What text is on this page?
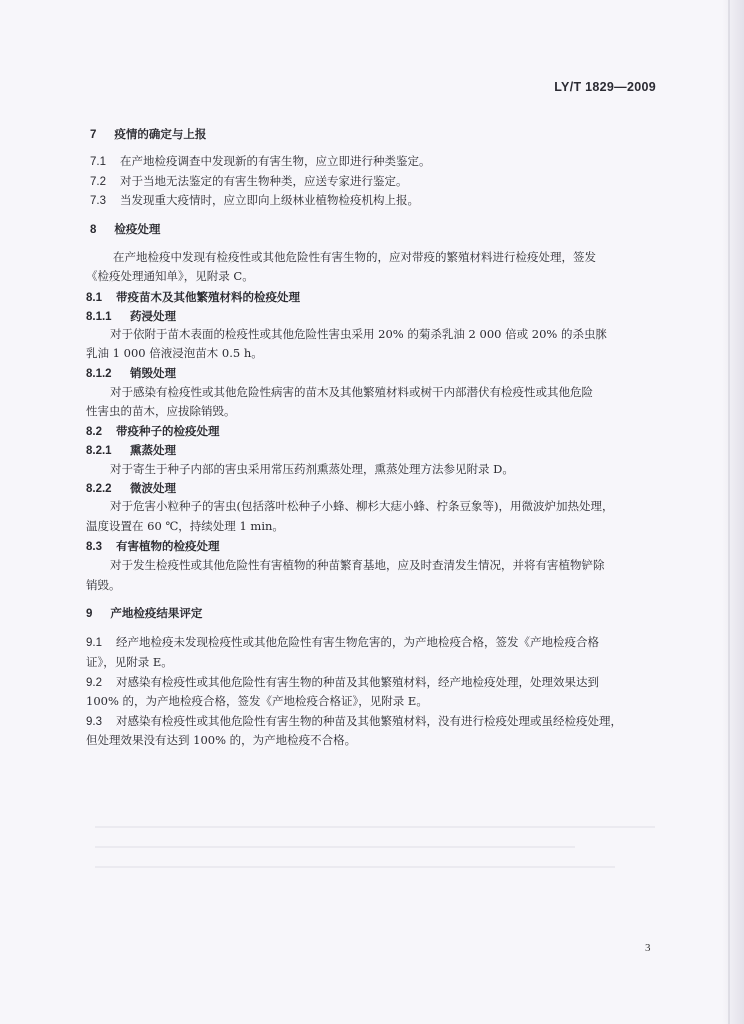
LY/T 1829—2009
7 疫情的确定与上报
7.1 在产地检疫调查中发现新的有害生物，应立即进行种类鉴定。
7.2 对于当地无法鉴定的有害生物种类，应送专家进行鉴定。
7.3 当发现重大疫情时，应立即向上级林业植物检疫机构上报。
8 检疫处理
在产地检疫中发现有检疫性或其他危险性有害生物的，应对带疫的繁殖材料进行检疫处理，签发
《检疫处理通知单》，见附录 C。
8.1 带疫苗木及其他繁殖材料的检疫处理
8.1.1 药浸处理
对于依附于苗木表面的检疫性或其他危险性害虫采用 20% 的菊杀乳油 2 000 倍或 20% 的杀虫脒
乳油 1 000 倍液浸泡苗木 0.5 h。
8.1.2 销毁处理
对于感染有检疫性或其他危险性病害的苗木及其他繁殖材料或树干内部潜伏有检疫性或其他危险
性害虫的苗木，应拔除销毁。
8.2 带疫种子的检疫处理
8.2.1 熏蒸处理
对于寄生于种子内部的害虫采用常压药剂熏蒸处理，熏蒸处理方法参见附录 D。
8.2.2 微波处理
对于危害小粒种子的害虫(包括落叶松种子小蜂、柳杉大痣小蜂、柠条豆象等)，用微波炉加热处理，
温度设置在 60 ℃，持续处理 1 min。
8.3 有害植物的检疫处理
对于发生检疫性或其他危险性有害植物的种苗繁育基地，应及时查清发生情况，并将有害植物铲除
销毁。
9 产地检疫结果评定
9.1 经产地检疫未发现检疫性或其他危险性有害生物危害的，为产地检疫合格，签发《产地检疫合格
证》，见附录 E。
9.2 对感染有检疫性或其他危险性有害生物的种苗及其他繁殖材料，经产地检疫处理，处理效果达到
100% 的，为产地检疫合格，签发《产地检疫合格证》，见附录 E。
9.3 对感染有检疫性或其他危险性有害生物的种苗及其他繁殖材料，没有进行检疫处理或虽经检疫处理，
但处理效果没有达到 100% 的，为产地检疫不合格。
3
